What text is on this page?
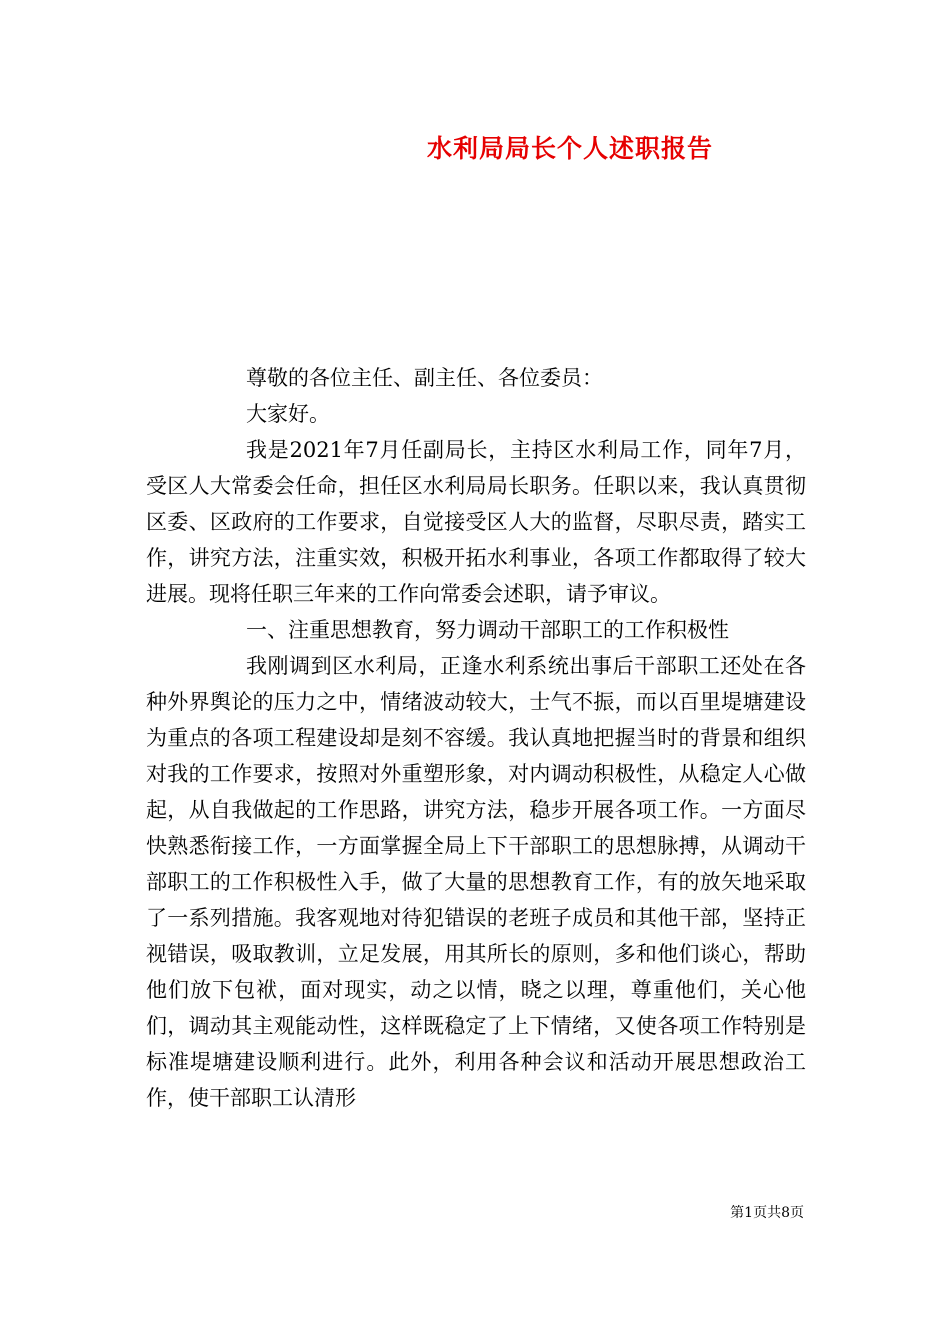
水利局局长个人述职报告

尊敬的各位主任、副主任、各位委员：

大家好。

我是2021年7月任副局长，主持区水利局工作，同年7月，受区人大常委会任命，担任区水利局局长职务。任职以来，我认真贯彻区委、区政府的工作要求，自觉接受区人大的监督，尽职尽责，踏实工作，讲究方法，注重实效，积极开拓水利事业，各项工作都取得了较大进展。现将任职三年来的工作向常委会述职，请予审议。

一、注重思想教育，努力调动干部职工的工作积极性

我刚调到区水利局，正逢水利系统出事后干部职工还处在各种外界舆论的压力之中，情绪波动较大，士气不振，而以百里堤塘建设为重点的各项工程建设却是刻不容缓。我认真地把握当时的背景和组织对我的工作要求，按照对外重塑形象，对内调动积极性，从稳定人心做起，从自我做起的工作思路，讲究方法，稳步开展各项工作。一方面尽快熟悉衔接工作，一方面掌握全局上下干部职工的思想脉搏，从调动干部职工的工作积极性入手，做了大量的思想教育工作，有的放矢地采取了一系列措施。我客观地对待犯错误的老班子成员和其他干部，坚持正视错误，吸取教训，立足发展，用其所长的原则，多和他们谈心，帮助他们放下包袱，面对现实，动之以情，晓之以理，尊重他们，关心他们，调动其主观能动性，这样既稳定了上下情绪，又使各项工作特别是标准堤塘建设顺利进行。此外，利用各种会议和活动开展思想政治工作，使干部职工认清形

第1页共8页
